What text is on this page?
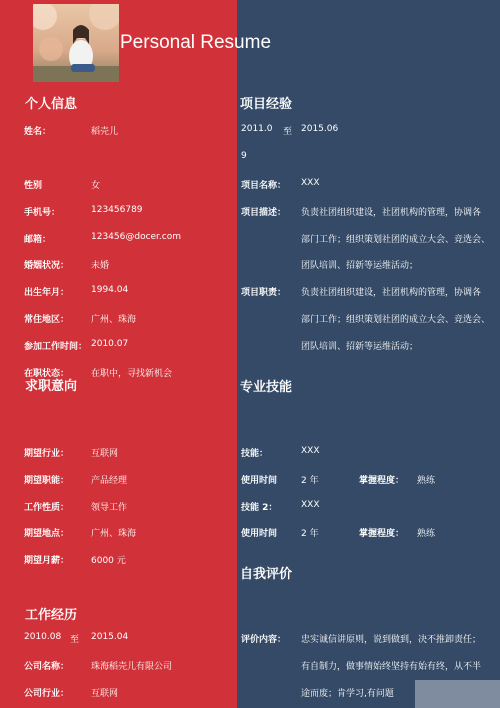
Personal Resume
个人信息
姓名：	稻壳儿
性别	女
手机号：	123456789
邮箱：	123456@docer.com
婚姻状况： 未婚
出生年月： 1994.04
常住地区： 广州、珠海
参加工作时间： 2010.07
在职状态： 在职中，寻找新机会
求职意向
期望行业： 互联网
期望职能： 产品经理
工作性质： 领导工作
期望地点： 广州、珠海
期望月薪： 6000 元
工作经历
2010.08 至 2015.04
公司名称： 珠海稻壳儿有限公司
公司行业： 互联网
项目经验
2011.0 至 2015.06
9
项目名称： XXX
项目描述： 负责社团组织建设，社团机构的管理，协调各
部门工作；组织策划社团的成立大会、竞选会、
团队培训、招新等运维活动；
项目职责： 负责社团组织建设，社团机构的管理，协调各
部门工作；组织策划社团的成立大会、竞选会、
团队培训、招新等运维活动；
专业技能
技能：	XXX
使用时间	2 年	掌握程度： 熟练
技能 2：	XXX
使用时间	2 年	掌握程度： 熟练
自我评价
评价内容： 忠实诚信讲原则，说到做到，决不推卸责任；
有自制力，做事情始终坚持有始有终，从不半
途而废；肯学习,有问题
